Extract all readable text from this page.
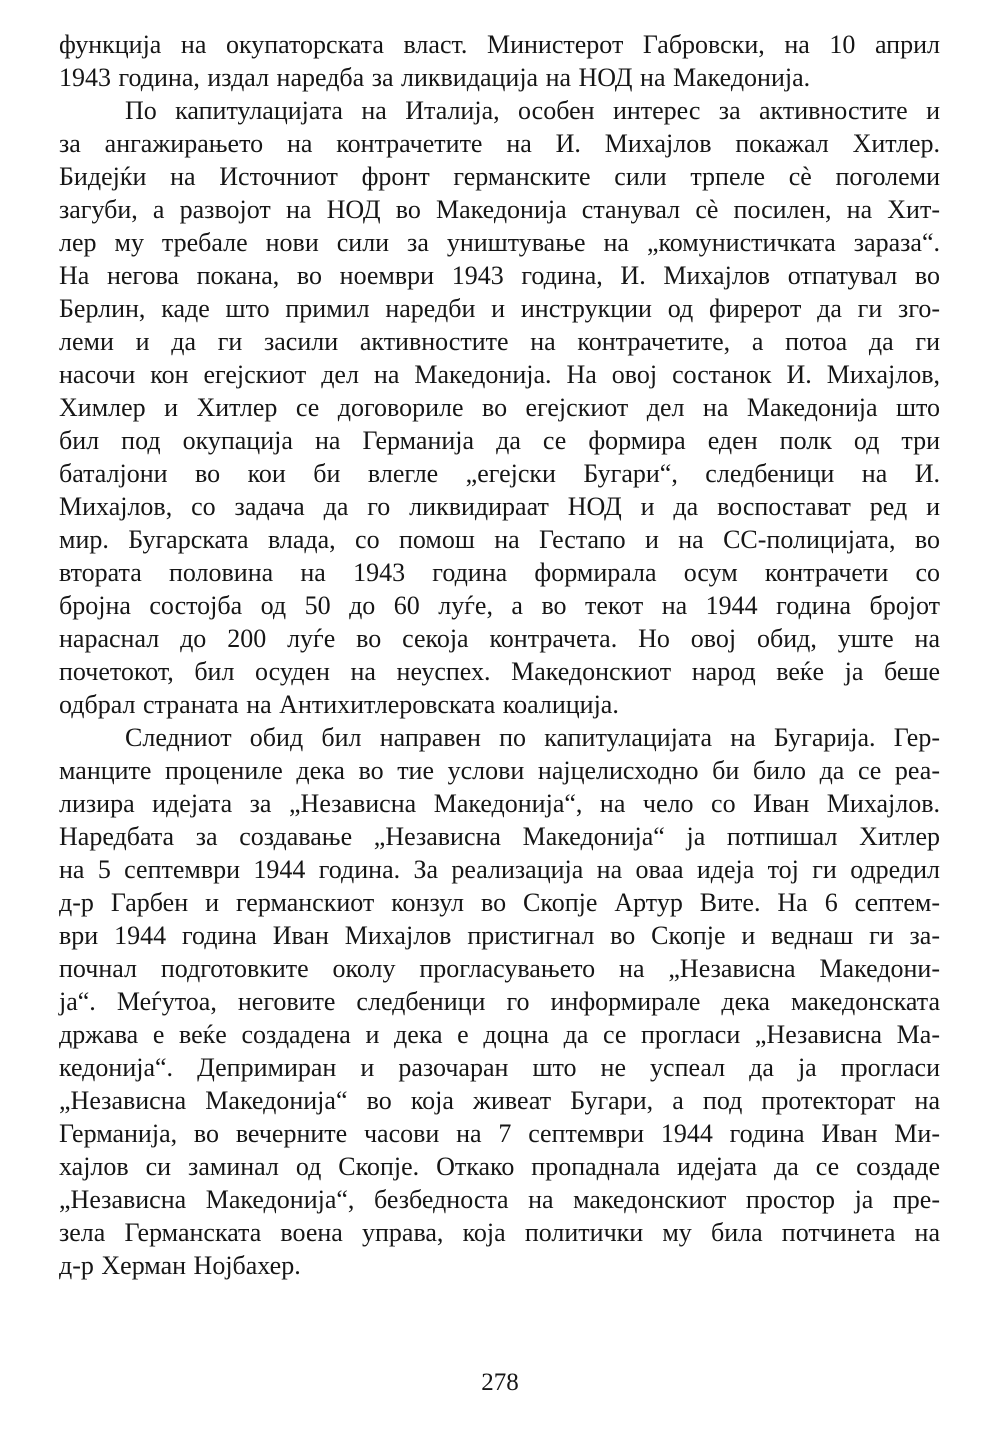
функција на окупаторската власт. Министерот Габровски, на 10 април
1943 година, издал наредба за ликвидација на НОД на Македонија.
По капитулацијата на Италија, особен интерес за активностите и
за ангажирањето на контрачетите на И. Михајлов покажал Хитлер.
Бидејќи на Источниот фронт германските сили трпеле сè поголеми
загуби, а развојот на НОД во Македонија станувал сè посилен, на Хит-
лер му требале нови сили за уништување на „комунистичката зараза“.
На негова покана, во ноември 1943 година, И. Михајлов отпатувал во
Берлин, каде што примил наредби и инструкции од фирерот да ги зго-
леми и да ги засили активностите на контрачетите, а потоа да ги
насочи кон егејскиот дел на Македонија. На овој состанок И. Михајлов,
Химлер и Хитлер се договориле во егејскиот дел на Македонија што
бил под окупација на Германија да се формира еден полк од три
баталјони во кои би влегле „егејски Бугари“, следбеници на И.
Михајлов, со задача да го ликвидираат НОД и да воспостават ред и
мир. Бугарската влада, со помош на Гестапо и на СС-полицијата, во
втората половина на 1943 година формирала осум контрачети со
бројна состојба од 50 до 60 луѓе, а во текот на 1944 година бројот
нараснал до 200 луѓе во секоја контрачета. Но овој обид, уште на
почетокот, бил осуден на неуспех. Македонскиот народ веќе ја беше
одбрал страната на Антихитлеровската коалиција.
Следниот обид бил направен по капитулацијата на Бугарија. Гер-
манците процениле дека во тие услови најцелисходно би било да се реа-
лизира идејата за „Независна Македонија“, на чело со Иван Михајлов.
Наредбата за создавање „Независна Македонија“ ја потпишал Хитлер
на 5 септември 1944 година. За реализација на оваа идеја тој ги одредил
д-р Гарбен и германскиот конзул во Скопје Артур Вите. На 6 септем-
ври 1944 година Иван Михајлов пристигнал во Скопје и веднаш ги за-
почнал подготовките околу прогласувањето на „Независна Македони-
ја“. Меѓутоа, неговите следбеници го информирале дека македонската
држава е веќе создадена и дека е доцна да се прогласи „Независна Ма-
кедонија“. Депримиран и разочаран што не успеал да ја прогласи
„Независна Македонија“ во која живеат Бугари, а под протекторат на
Германија, во вечерните часови на 7 септември 1944 година Иван Ми-
хајлов си заминал од Скопје. Откако пропаднала идејата да се создаде
„Независна Македонија“, безбедноста на македонскиот простор ја пре-
зела Германската воена управа, која политички му била потчинета на
д-р Херман Нојбахер.
278
